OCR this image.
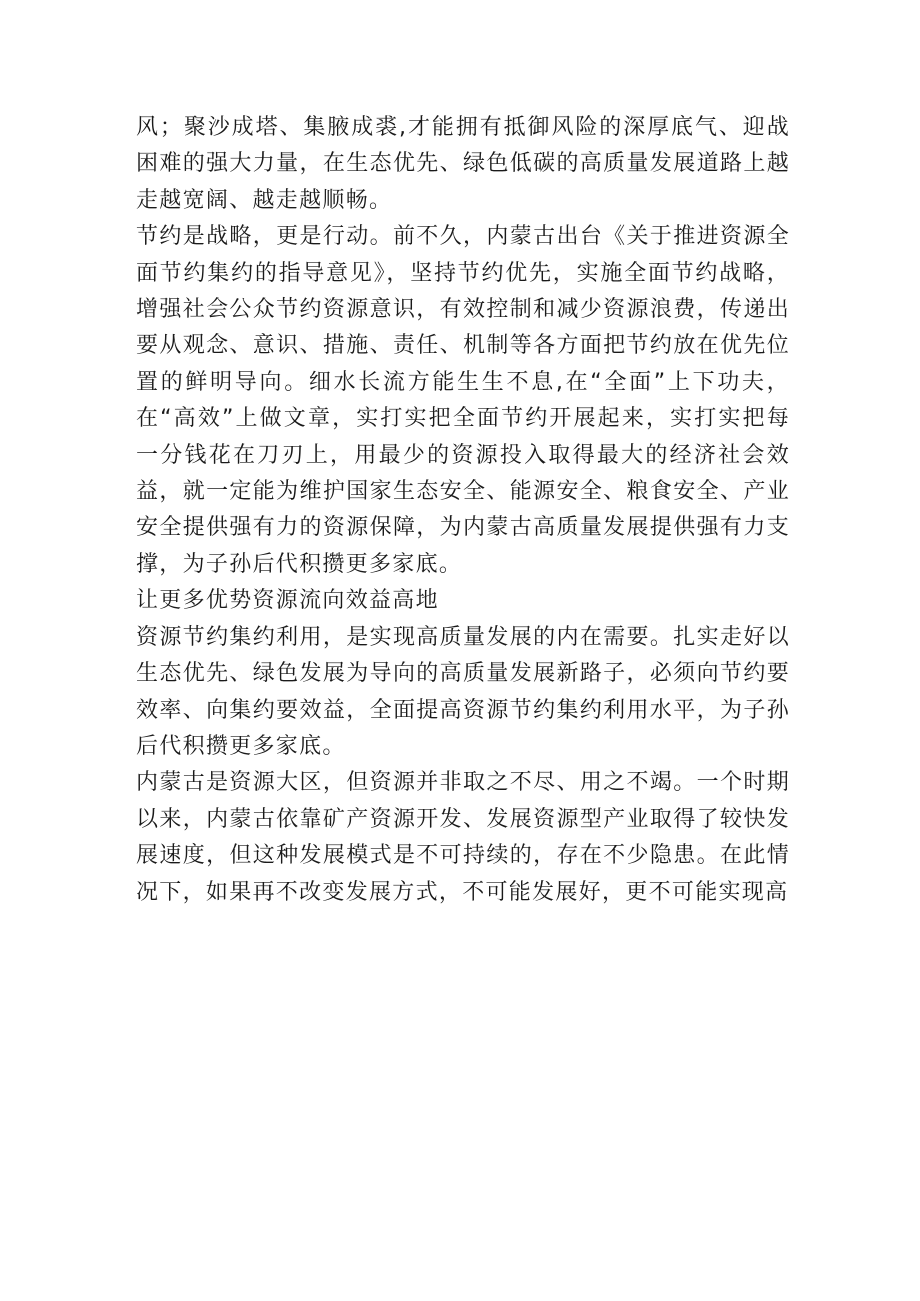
风；聚沙成塔、集腋成裘,才能拥有抵御风险的深厚底气、迎战困难的强大力量，在生态优先、绿色低碳的高质量发展道路上越走越宽阔、越走越顺畅。

节约是战略，更是行动。前不久，内蒙古出台《关于推进资源全面节约集约的指导意见》，坚持节约优先，实施全面节约战略，增强社会公众节约资源意识，有效控制和减少资源浪费，传递出要从观念、意识、措施、责任、机制等各方面把节约放在优先位置的鲜明导向。细水长流方能生生不息,在“全面”上下功夫，在“高效”上做文章，实打实把全面节约开展起来，实打实把每一分钱花在刀刃上，用最少的资源投入取得最大的经济社会效益，就一定能为维护国家生态安全、能源安全、粮食安全、产业安全提供强有力的资源保障，为内蒙古高质量发展提供强有力支撑，为子孙后代积攒更多家底。

让更多优势资源流向效益高地

资源节约集约利用，是实现高质量发展的内在需要。扎实走好以生态优先、绿色发展为导向的高质量发展新路子，必须向节约要效率、向集约要效益，全面提高资源节约集约利用水平，为子孙后代积攒更多家底。

内蒙古是资源大区，但资源并非取之不尽、用之不竭。一个时期以来，内蒙古依靠矿产资源开发、发展资源型产业取得了较快发展速度，但这种发展模式是不可持续的，存在不少隐患。在此情况下，如果再不改变发展方式，不可能发展好，更不可能实现高
